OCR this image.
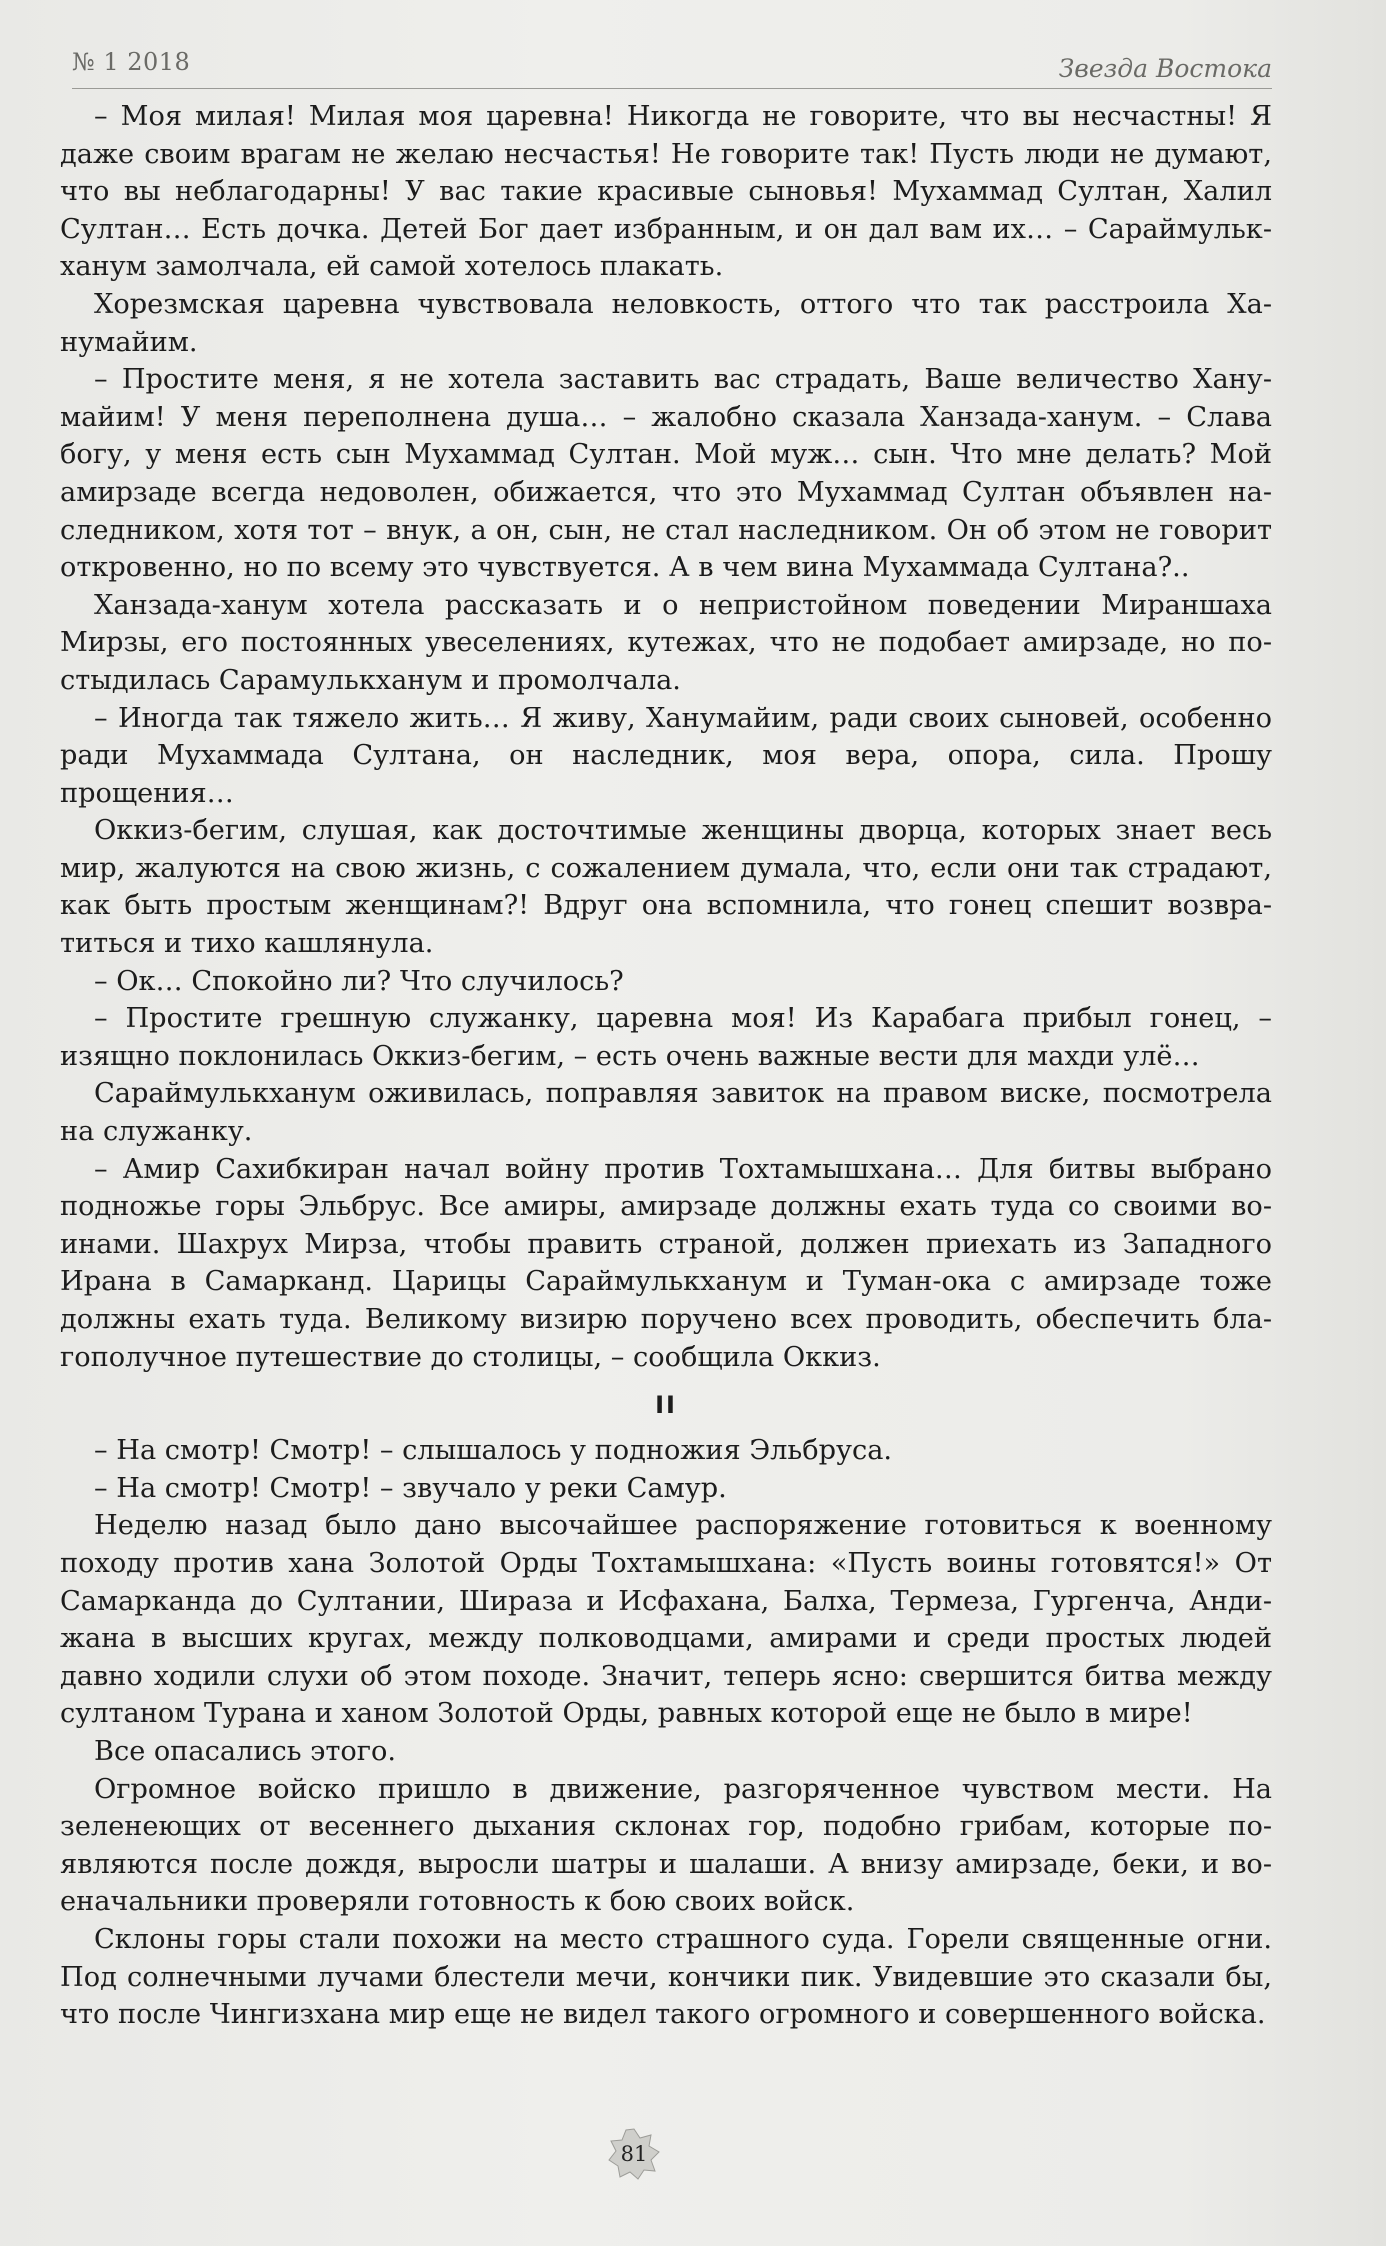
№ 1 2018	Звезда Востока

– Моя милая! Милая моя царевна! Никогда не говорите, что вы несчастны! Я даже своим врагам не желаю несчастья! Не говорите так! Пусть люди не думают, что вы неблагодарны! У вас такие красивые сыновья! Мухаммад Султан, Халил Султан… Есть дочка. Детей Бог дает избранным, и он дал вам их… – Сараймулькханум замолчала, ей самой хотелось плакать.

Хорезмская царевна чувствовала неловкость, оттого что так расстроила Ханумайим.

– Простите меня, я не хотела заставить вас страдать, Ваше величество Ханумайим! У меня переполнена душа… – жалобно сказала Ханзада-ханум. – Слава богу, у меня есть сын Мухаммад Султан. Мой муж… сын. Что мне делать? Мой амирзаде всегда недоволен, обижается, что это Мухаммад Султан объявлен наследником, хотя тот – внук, а он, сын, не стал наследником. Он об этом не говорит откровенно, но по всему это чувствуется. А в чем вина Мухаммада Султана?..

Ханзада-ханум хотела рассказать и о непристойном поведении Мираншаха Мирзы, его постоянных увеселениях, кутежах, что не подобает амирзаде, но постыдилась Сарамулькханум и промолчала.

– Иногда так тяжело жить… Я живу, Ханумайим, ради своих сыновей, особенно ради Мухаммада Султана, он наследник, моя вера, опора, сила. Прошу прощения…

Оккиз-бегим, слушая, как досточтимые женщины дворца, которых знает весь мир, жалуются на свою жизнь, с сожалением думала, что, если они так страдают, как быть простым женщинам?! Вдруг она вспомнила, что гонец спешит возвратиться и тихо кашлянула.

– Ок… Спокойно ли? Что случилось?

– Простите грешную служанку, царевна моя! Из Карабага прибыл гонец, – изящно поклонилась Оккиз-бегим, – есть очень важные вести для махди улё…

Сараймулькханум оживилась, поправляя завиток на правом виске, посмотрела на служанку.

– Амир Сахибкиран начал войну против Тохтамышхана… Для битвы выбрано подножье горы Эльбрус. Все амиры, амирзаде должны ехать туда со своими воинами. Шахрух Мирза, чтобы править страной, должен приехать из Западного Ирана в Самарканд. Царицы Сараймулькханум и Туман-ока с амирзаде тоже должны ехать туда. Великому визирю поручено всех проводить, обеспечить благополучное путешествие до столицы, – сообщила Оккиз.

II

– На смотр! Смотр! – слышалось у подножия Эльбруса.

– На смотр! Смотр! – звучало у реки Самур.

Неделю назад было дано высочайшее распоряжение готовиться к военному походу против хана Золотой Орды Тохтамышхана: «Пусть воины готовятся!» От Самарканда до Султании, Шираза и Исфахана, Балха, Термеза, Гургенча, Андижана в высших кругах, между полководцами, амирами и среди простых людей давно ходили слухи об этом походе. Значит, теперь ясно: свершится битва между султаном Турана и ханом Золотой Орды, равных которой еще не было в мире!

Все опасались этого.

Огромное войско пришло в движение, разгоряченное чувством мести. На зеленеющих от весеннего дыхания склонах гор, подобно грибам, которые появляются после дождя, выросли шатры и шалаши. А внизу амирзаде, беки, и военачальники проверяли готовность к бою своих войск.

Склоны горы стали похожи на место страшного суда. Горели священные огни. Под солнечными лучами блестели мечи, кончики пик. Увидевшие это сказали бы, что после Чингизхана мир еще не видел такого огромного и совершенного войска.

81
